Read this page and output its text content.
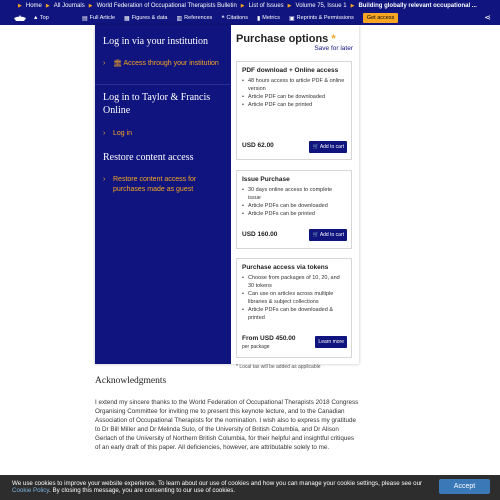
▶ Home ▶ All Journals ▶ World Federation of Occupational Therapists Bulletin ▶ List of Issues ▶ Volume 75, Issue 1 ▶ Building globally relevant occupational ...
▲ Top	▤ Full Article ▦ Figures & data ▥ References ❝ Citations ▮ Metrics ▣ Reprints & Permissions	Get access	⋖
Log in via your institution
›	🏛 Access through your institution
Log in to Taylor & Francis Online
›	Log in
Restore content access
›	Restore content access for purchases made as guest
Purchase options *
Save for later
PDF download + Online access
• 48 hours access to article PDF & online version
• Article PDF can be downloaded
• Article PDF can be printed
USD 62.00	🛒 Add to cart
Issue Purchase
• 30 days online access to complete issue
• Article PDFs can be downloaded
• Article PDFs can be printed
USD 160.00	🛒 Add to cart
Purchase access via tokens
• Choose from packages of 10, 20, and 30 tokens
• Can use on articles across multiple libraries & subject collections
• Article PDFs can be downloaded & printed
From USD 450.00
per package
Learn more
* Local tax will be added as applicable
Acknowledgments
I extend my sincere thanks to the World Federation of Occupational Therapists 2018 Congress Organising Committee for inviting me to present this keynote lecture, and to the Canadian Association of Occupational Therapists for the nomination. I wish also to express my gratitude to Dr Bill Miller and Dr Melinda Suto, of the University of British Columbia, and Dr Alison Gerlach of the University of Northern British Columbia, for their helpful and insightful critiques of an early draft of this paper. All deficiencies, however, are attributable solely to me.
We use cookies to improve your website experience. To learn about our use of cookies and how you can manage your cookie settings, please see our Cookie Policy. By closing this message, you are consenting to our use of cookies.
Accept
